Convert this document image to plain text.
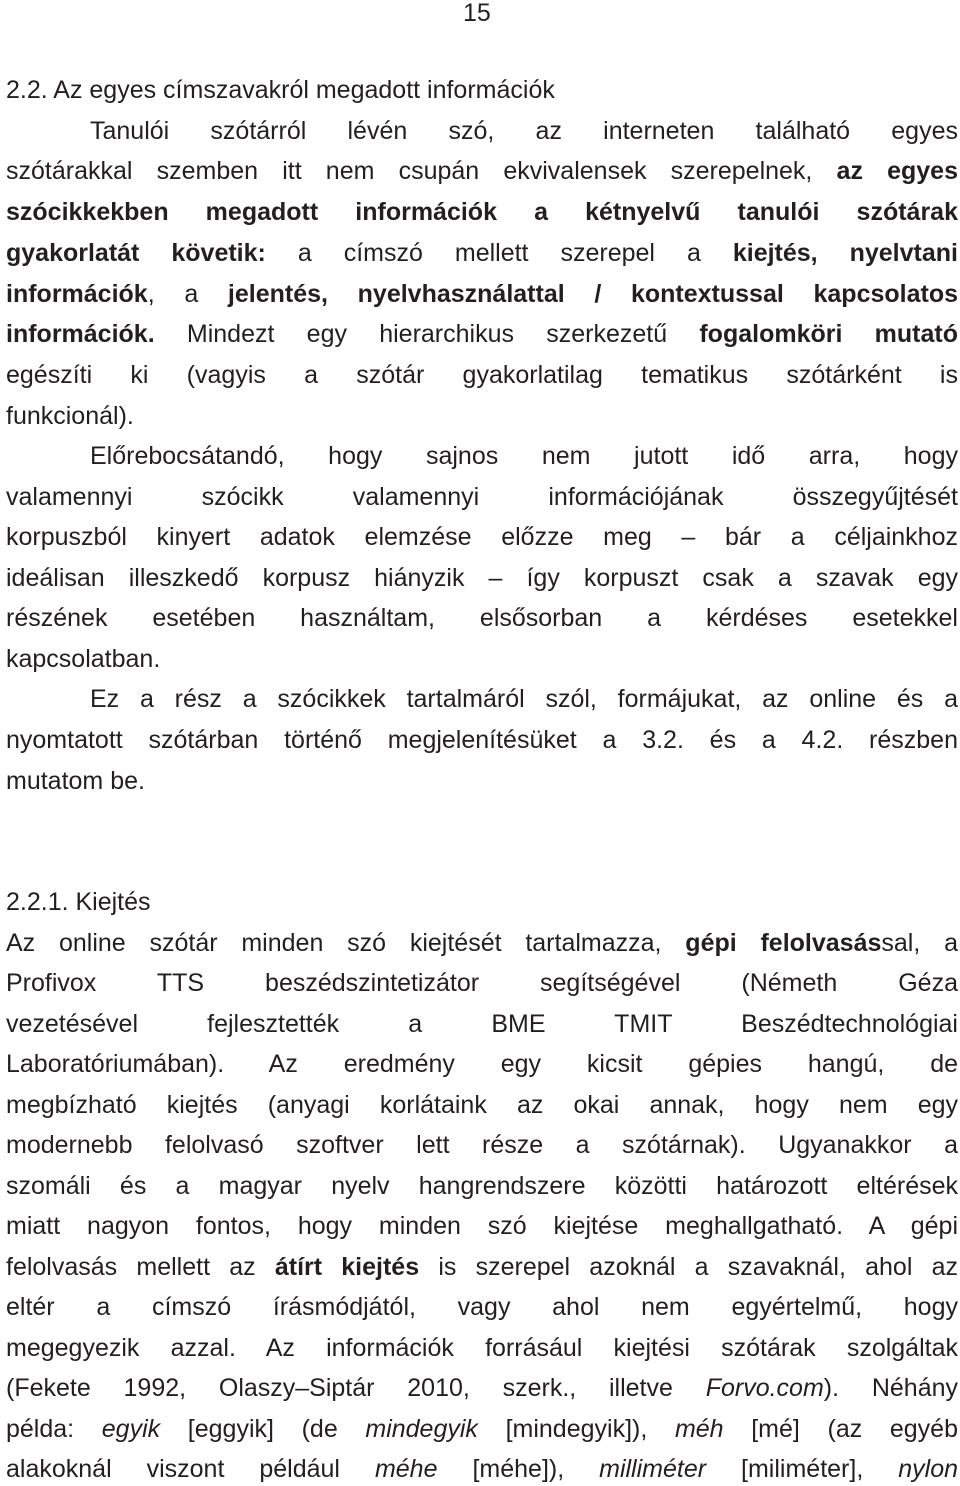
15
2.2. Az egyes címszavakról megadott információk
Tanulói szótárról lévén szó, az interneten található egyes
szótárakkal szemben itt nem csupán ekvivalensek szerepelnek, az egyes
szócikkekben megadott információk a kétnyelvű tanulói szótárak
gyakorlatát követik: a címszó mellett szerepel a kiejtés, nyelvtani
információk, a jelentés, nyelvhasználattal / kontextussal kapcsolatos
információk. Mindezt egy hierarchikus szerkezetű fogalomköri mutató
egészíti ki (vagyis a szótár gyakorlatilag tematikus szótárként is
funkcionál).
Előrebocsátandó, hogy sajnos nem jutott idő arra, hogy
valamennyi szócikk valamennyi információjának összegyűjtését
korpuszból kinyert adatok elemzése előzze meg – bár a céljainkhoz
ideálisan illeszkedő korpusz hiányzik – így korpuszt csak a szavak egy
részének esetében használtam, elsősorban a kérdéses esetekkel
kapcsolatban.
Ez a rész a szócikkek tartalmáról szól, formájukat, az online és a
nyomtatott szótárban történő megjelenítésüket a 3.2. és a 4.2. részben
mutatom be.
2.2.1. Kiejtés
Az online szótár minden szó kiejtését tartalmazza, gépi felolvasással, a
Profivox TTS beszédszintetizátor segítségével (Németh Géza
vezetésével fejlesztették a BME TMIT Beszédtechnológiai
Laboratóriumában). Az eredmény egy kicsit gépies hangú, de
megbízható kiejtés (anyagi korlátaink az okai annak, hogy nem egy
modernebb felolvasó szoftver lett része a szótárnak). Ugyanakkor a
szomáli és a magyar nyelv hangrendszere közötti határozott eltérések
miatt nagyon fontos, hogy minden szó kiejtése meghallgatható. A gépi
felolvasás mellett az átírt kiejtés is szerepel azoknál a szavaknál, ahol az
eltér a címszó írásmódjától, vagy ahol nem egyértelmű, hogy
megegyezik azzal. Az információk forrásául kiejtési szótárak szolgáltak
(Fekete 1992, Olaszy–Siptár 2010, szerk., illetve Forvo.com). Néhány
példa: egyik [eggyik] (de mindegyik [mindegyik]), méh [mé] (az egyéb
alakoknál viszont például méhe [méhe]), milliméter [miliméter], nylon
